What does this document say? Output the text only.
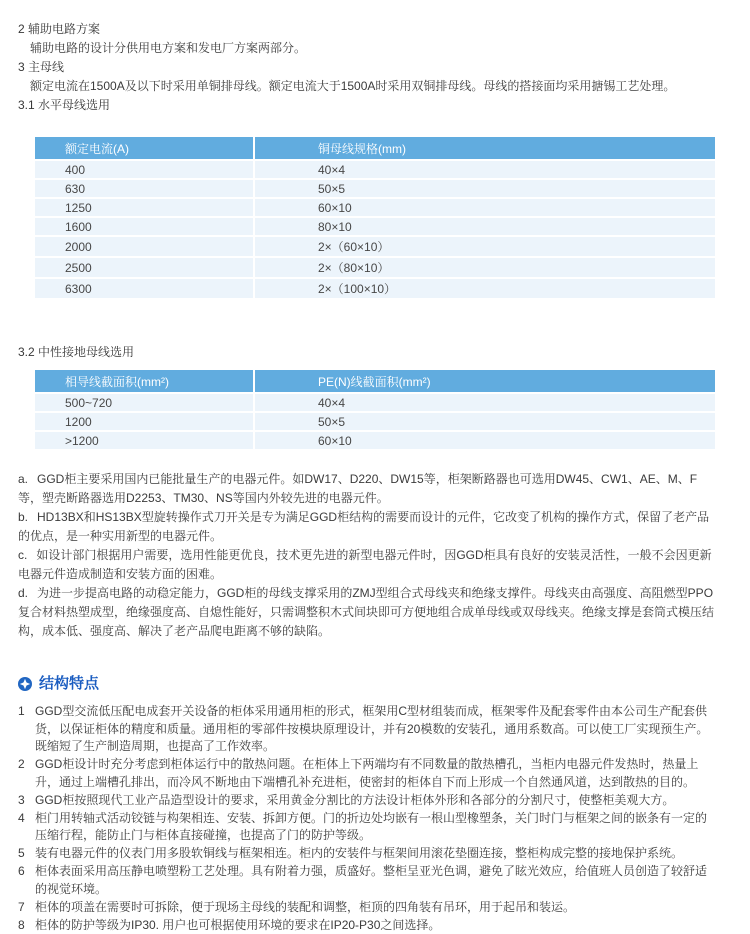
2 辅助电路方案

辅助电路的设计分供用电方案和发电厂方案两部分。

3 主母线

额定电流在1500A及以下时采用单铜排母线。额定电流大于1500A时采用双铜排母线。母线的搭接面均采用搪锡工艺处理。

3.1 水平母线选用

额定电流(A)	铜母线规格(mm)
400	40×4
630	50×5
1250	60×10
1600	80×10
2000	2×（60×10）
2500	2×（80×10）
6300	2×（100×10）

3.2 中性接地母线选用

相导线截面积(mm²)	PE(N)线截面积(mm²)
500~720	40×4
1200	50×5
>1200	60×10

a. GGD柜主要采用国内已能批量生产的电器元件。如DW17、D220、DW15等，柜架断路器也可选用DW45、CW1、AE、M、F等，塑壳断路器选用D2253、TM30、NS等国内外较先进的电器元件。

b. HD13BX和HS13BX型旋转操作式刀开关是专为满足GGD柜结构的需要而设计的元件，它改变了机构的操作方式，保留了老产品的优点，是一种实用新型的电器元件。

c. 如设计部门根据用户需要，选用性能更优良，技术更先进的新型电器元件时，因GGD柜具有良好的安装灵活性，一般不会因更新电器元件造成制造和安装方面的困难。

d. 为进一步提高电路的动稳定能力，GGD柜的母线支撑采用的ZMJ型组合式母线夹和绝缘支撑件。母线夹由高强度、高阻燃型PPO复合材料热塑成型，绝缘强度高、自熄性能好，只需调整积木式间块即可方便地组合成单母线或双母线夹。绝缘支撑是套筒式模压结构，成本低、强度高、解决了老产品爬电距离不够的缺陷。

结构特点
1 GGD型交流低压配电成套开关设备的柜体采用通用柜的形式，框架用C型材组装而成，框架零件及配套零件由本公司生产配套供货，以保证柜体的精度和质量。通用柜的零部件按模块原理设计，并有20模数的安装孔，通用系数高。可以使工厂实现预生产。既缩短了生产制造周期，也提高了工作效率。
2 GGD柜设计时充分考虑到柜体运行中的散热问题。在柜体上下两端均有不同数量的散热槽孔，当柜内电器元件发热时，热量上升，通过上端槽孔排出，而冷风不断地由下端槽孔补充进柜，使密封的柜体自下而上形成一个自然通风道，达到散热的目的。
3 GGD柜按照现代工业产品造型设计的要求，采用黄金分割比的方法设计柜体外形和各部分的分割尺寸，使整柜美观大方。
4 柜门用转轴式活动铰链与构架相连、安装、拆卸方便。门的折边处均嵌有一根山型橡塑条，关门时门与框架之间的嵌条有一定的压缩行程，能防止门与柜体直接碰撞，也提高了门的防护等级。
5 装有电器元件的仪表门用多股软铜线与框架相连。柜内的安装件与框架间用滚花垫圈连接，整柜构成完整的接地保护系统。
6 柜体表面采用高压静电喷塑粉工艺处理。具有附着力强，质盛好。整柜呈亚光色调，避免了眩光效应，给值班人员创造了较舒适的视觉环境。
7 柜体的项盖在需要时可拆除，便于现场主母线的装配和调整，柜顶的四角装有吊环，用于起吊和装运。
8 柜体的防护等级为IP30. 用户也可根据使用环境的要求在IP20-P30之间选择。
